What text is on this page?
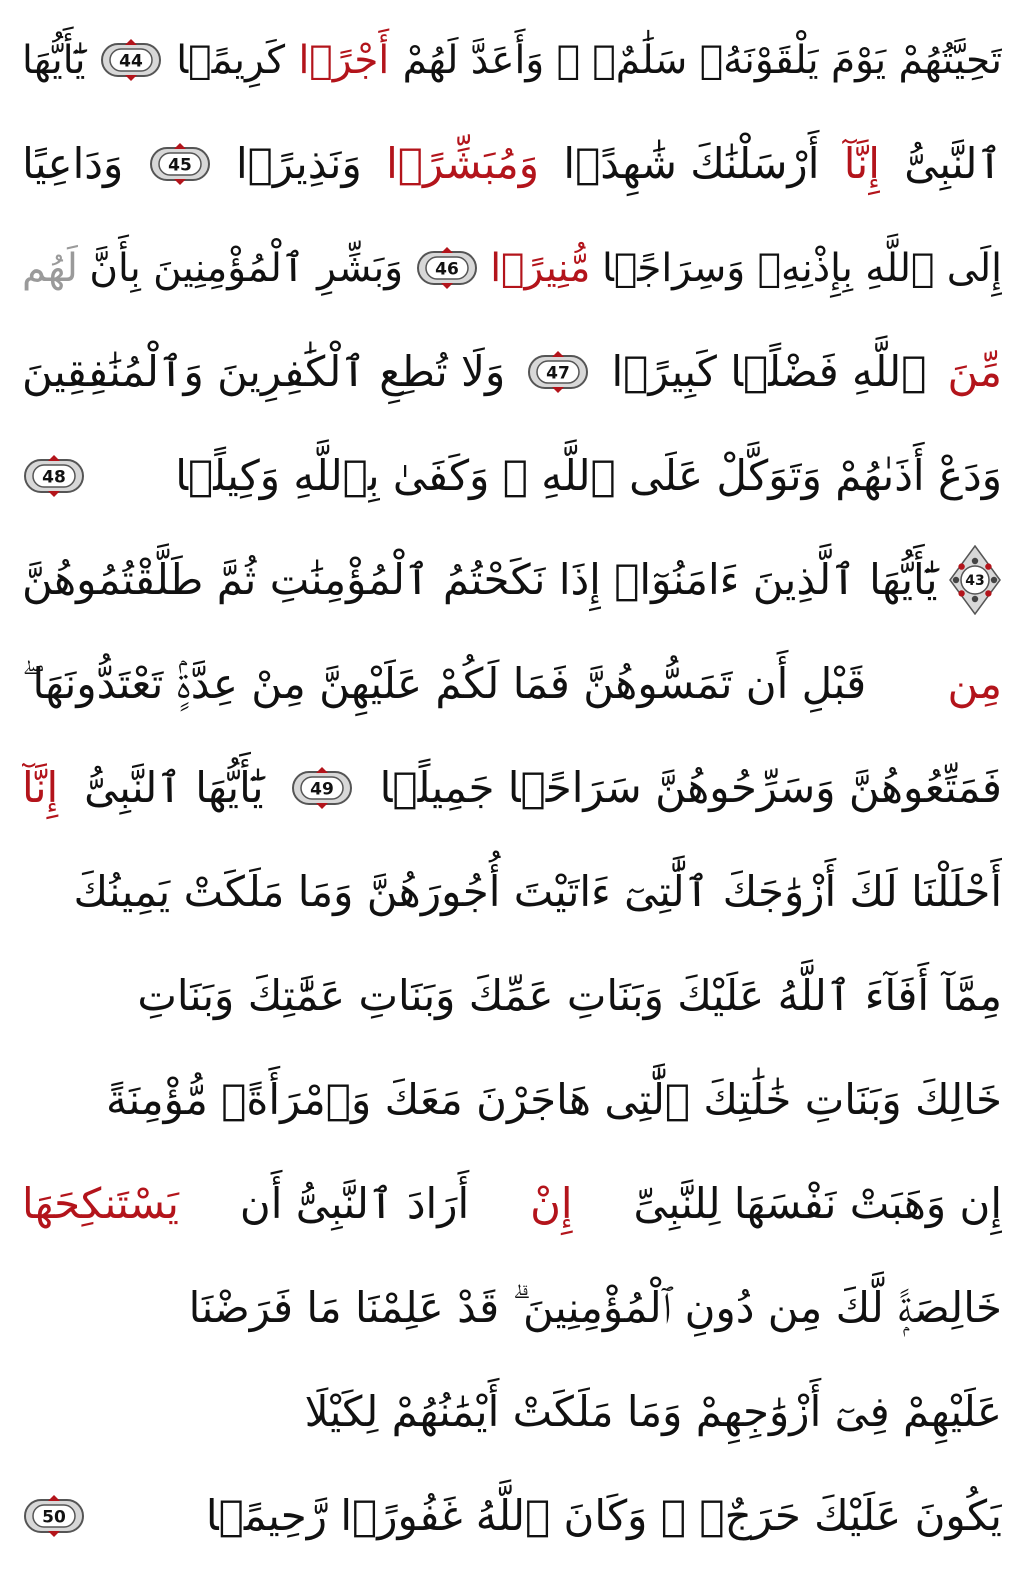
تَحِيَّتُهُمْ يَوْمَ يَلْقَوْنَهُۥ سَلَٰمٌۭ ۚ وَأَعَدَّ لَهُمْ
أَجْرًۭا
كَرِيمًۭا
44
يَٰٓأَيُّهَا
ٱلنَّبِىُّ
إِنَّآ
أَرْسَلْنَٰكَ شَٰهِدًۭا
وَمُبَشِّرًۭا
وَنَذِيرًۭا
45
وَدَاعِيًا
إِلَى ٱللَّهِ بِإِذْنِهِۦ وَسِرَاجًۭا
مُّنِيرًۭا
46
وَبَشِّرِ ٱلْمُؤْمِنِينَ بِأَنَّ
لَهُم
مِّنَ
ٱللَّهِ فَضْلًۭا كَبِيرًۭا
47
وَلَا تُطِعِ ٱلْكَٰفِرِينَ وَٱلْمُنَٰفِقِينَ
وَدَعْ أَذَىٰهُمْ وَتَوَكَّلْ عَلَى ٱللَّهِ ۚ وَكَفَىٰ بِٱللَّهِ وَكِيلًۭا
48
43
يَٰٓأَيُّهَا ٱلَّذِينَ ءَامَنُوٓا۟ إِذَا نَكَحْتُمُ ٱلْمُؤْمِنَٰتِ ثُمَّ طَلَّقْتُمُوهُنَّ
مِن
قَبْلِ أَن تَمَسُّوهُنَّ فَمَا لَكُمْ عَلَيْهِنَّ مِنْ عِدَّةٍۢ تَعْتَدُّونَهَا ۖ
فَمَتِّعُوهُنَّ وَسَرِّحُوهُنَّ سَرَاحًۭا جَمِيلًۭا
49
يَٰٓأَيُّهَا ٱلنَّبِىُّ
إِنَّآ
أَحْلَلْنَا لَكَ أَزْوَٰجَكَ ٱلَّٰتِىٓ ءَاتَيْتَ أُجُورَهُنَّ وَمَا مَلَكَتْ يَمِينُكَ
مِمَّآ أَفَآءَ ٱللَّهُ عَلَيْكَ وَبَنَاتِ عَمِّكَ وَبَنَاتِ عَمَّٰتِكَ وَبَنَاتِ
خَالِكَ وَبَنَاتِ خَٰلَٰتِكَ ٱلَّٰتِى هَاجَرْنَ مَعَكَ وَٱمْرَأَةًۭ مُّؤْمِنَةً
إِن وَهَبَتْ نَفْسَهَا لِلنَّبِىِّ
إِنْ
أَرَادَ ٱلنَّبِىُّ أَن
يَسْتَنكِحَهَا
خَالِصَةًۭ لَّكَ مِن دُونِ ٱلْمُؤْمِنِينَ ۗ قَدْ عَلِمْنَا مَا فَرَضْنَا
عَلَيْهِمْ فِىٓ أَزْوَٰجِهِمْ وَمَا مَلَكَتْ أَيْمَٰنُهُمْ لِكَيْلَا
يَكُونَ عَلَيْكَ حَرَجٌۭ ۗ وَكَانَ ٱللَّهُ غَفُورًۭا رَّحِيمًۭا
50
